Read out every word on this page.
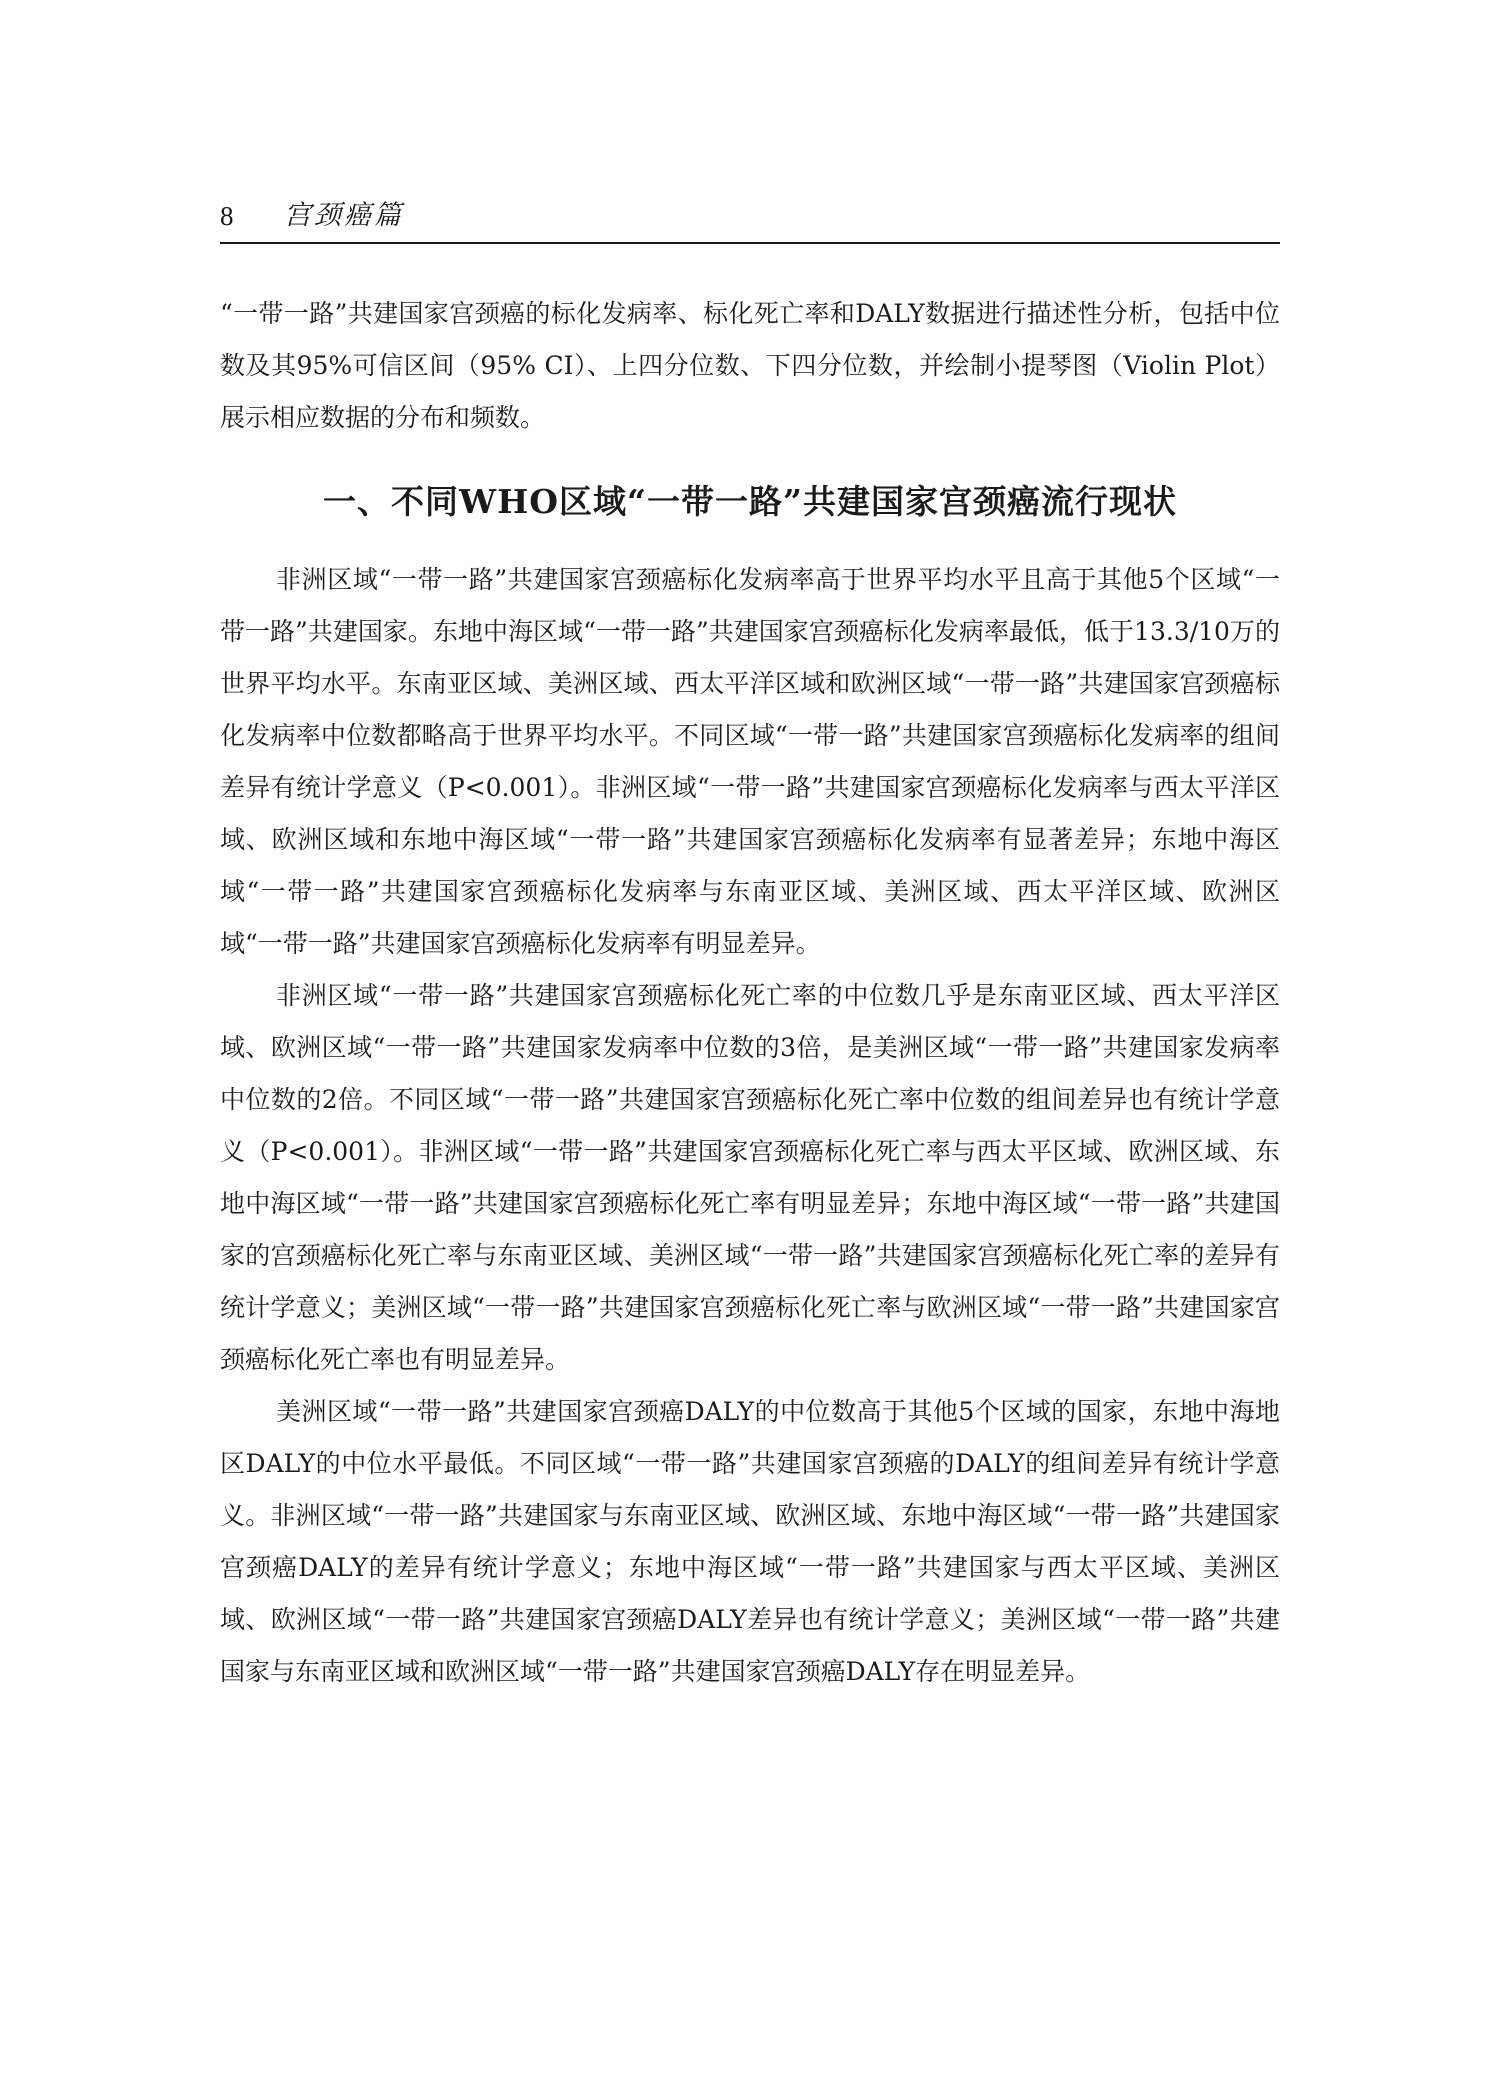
8 宫颈癌篇

“一带一路”共建国家宫颈癌的标化发病率、标化死亡率和DALY数据进行描述性分析，包括中位数及其95%可信区间（95% CI）、上四分位数、下四分位数，并绘制小提琴图（Violin Plot）展示相应数据的分布和频数。

一、不同WHO区域“一带一路”共建国家宫颈癌流行现状

非洲区域“一带一路”共建国家宫颈癌标化发病率高于世界平均水平且高于其他5个区域“一带一路”共建国家。东地中海区域“一带一路”共建国家宫颈癌标化发病率最低，低于13.3/10万的世界平均水平。东南亚区域、美洲区域、西太平洋区域和欧洲区域“一带一路”共建国家宫颈癌标化发病率中位数都略高于世界平均水平。不同区域“一带一路”共建国家宫颈癌标化发病率的组间差异有统计学意义（P<0.001）。非洲区域“一带一路”共建国家宫颈癌标化发病率与西太平洋区域、欧洲区域和东地中海区域“一带一路”共建国家宫颈癌标化发病率有显著差异；东地中海区域“一带一路”共建国家宫颈癌标化发病率与东南亚区域、美洲区域、西太平洋区域、欧洲区域“一带一路”共建国家宫颈癌标化发病率有明显差异。

非洲区域“一带一路”共建国家宫颈癌标化死亡率的中位数几乎是东南亚区域、西太平洋区域、欧洲区域“一带一路”共建国家发病率中位数的3倍，是美洲区域“一带一路”共建国家发病率中位数的2倍。不同区域“一带一路”共建国家宫颈癌标化死亡率中位数的组间差异也有统计学意义（P<0.001）。非洲区域“一带一路”共建国家宫颈癌标化死亡率与西太平区域、欧洲区域、东地中海区域“一带一路”共建国家宫颈癌标化死亡率有明显差异；东地中海区域“一带一路”共建国家的宫颈癌标化死亡率与东南亚区域、美洲区域“一带一路”共建国家宫颈癌标化死亡率的差异有统计学意义；美洲区域“一带一路”共建国家宫颈癌标化死亡率与欧洲区域“一带一路”共建国家宫颈癌标化死亡率也有明显差异。

美洲区域“一带一路”共建国家宫颈癌DALY的中位数高于其他5个区域的国家，东地中海地区DALY的中位水平最低。不同区域“一带一路”共建国家宫颈癌的DALY的组间差异有统计学意义。非洲区域“一带一路”共建国家与东南亚区域、欧洲区域、东地中海区域“一带一路”共建国家宫颈癌DALY的差异有统计学意义；东地中海区域“一带一路”共建国家与西太平区域、美洲区域、欧洲区域“一带一路”共建国家宫颈癌DALY差异也有统计学意义；美洲区域“一带一路”共建国家与东南亚区域和欧洲区域“一带一路”共建国家宫颈癌DALY存在明显差异。
